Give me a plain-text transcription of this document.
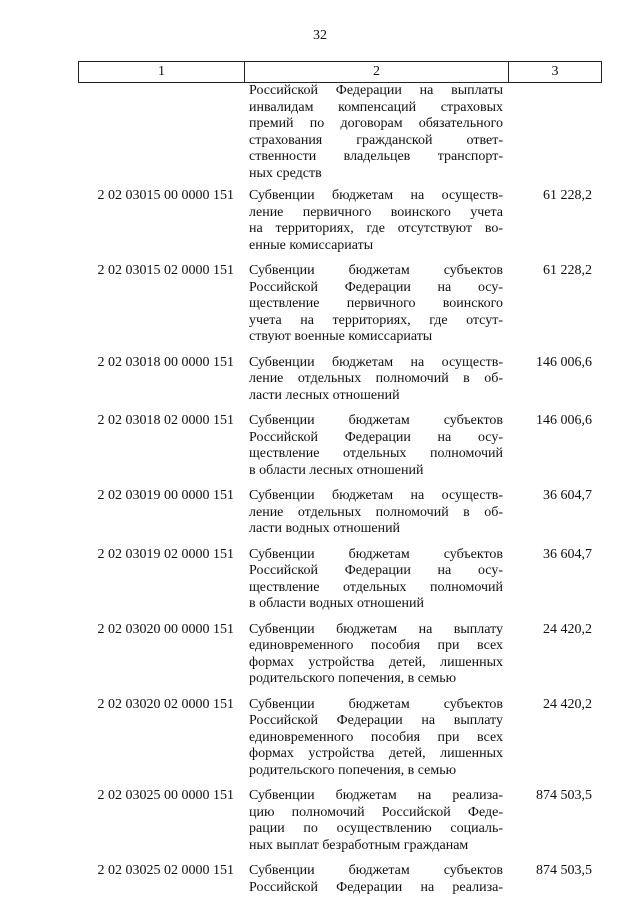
32
1	2	3
Российской Федерации на выплаты
инвалидам компенсаций страховых
премий по договорам обязательного
страхования гражданской ответ-
ственности владельцев транспорт-
ных средств
2 02 03015 00 0000 151	Субвенции бюджетам на осуществ-
ление первичного воинского учета
на территориях, где отсутствуют во-
енные комиссариаты
61 228,2
2 02 03015 02 0000 151	Субвенции бюджетам субъектов
Российской Федерации на осу-
ществление первичного воинского
учета на территориях, где отсут-
ствуют военные комиссариаты
61 228,2
2 02 03018 00 0000 151	Субвенции бюджетам на осуществ-
ление отдельных полномочий в об-
ласти лесных отношений
146 006,6
2 02 03018 02 0000 151	Субвенции бюджетам субъектов
Российской Федерации на осу-
ществление отдельных полномочий
в области лесных отношений
146 006,6
2 02 03019 00 0000 151	Субвенции бюджетам на осуществ-
ление отдельных полномочий в об-
ласти водных отношений
36 604,7
2 02 03019 02 0000 151	Субвенции бюджетам субъектов
Российской Федерации на осу-
ществление отдельных полномочий
в области водных отношений
36 604,7
2 02 03020 00 0000 151	Субвенции бюджетам на выплату
единовременного пособия при всех
формах устройства детей, лишенных
родительского попечения, в семью
24 420,2
2 02 03020 02 0000 151	Субвенции бюджетам субъектов
Российской Федерации на выплату
единовременного пособия при всех
формах устройства детей, лишенных
родительского попечения, в семью
24 420,2
2 02 03025 00 0000 151	Субвенции бюджетам на реализа-
цию полномочий Российской Феде-
рации по осуществлению социаль-
ных выплат безработным гражданам
874 503,5
2 02 03025 02 0000 151	Субвенции бюджетам субъектов
Российской Федерации на реализа-
874 503,5
